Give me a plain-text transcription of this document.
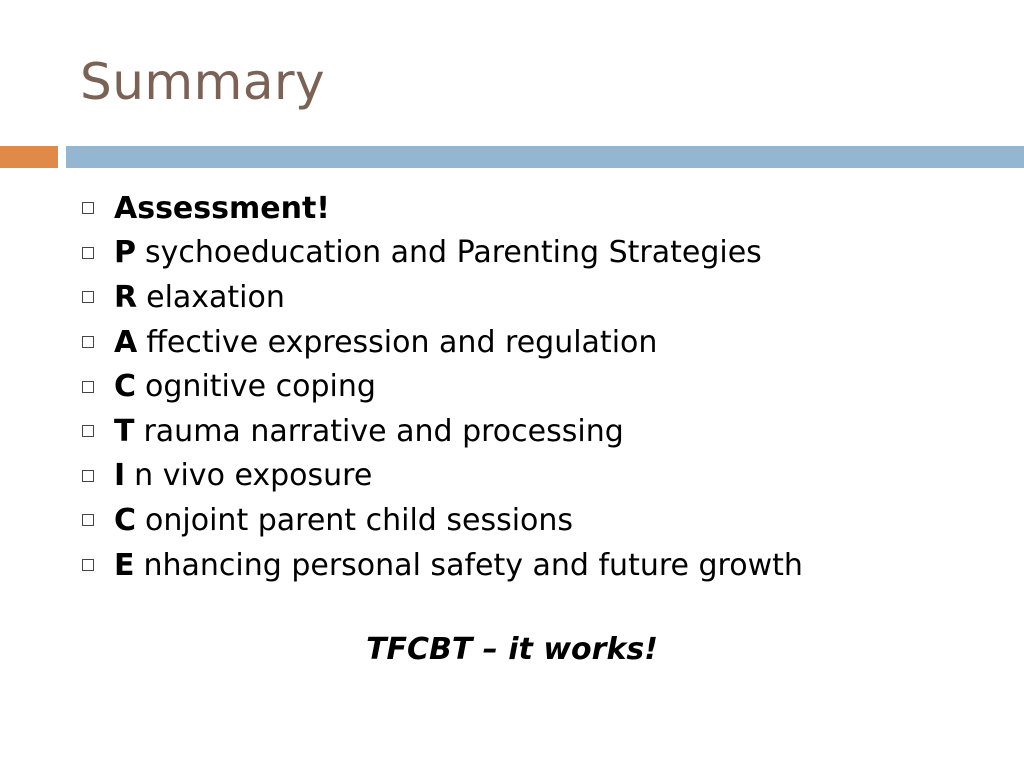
Summary
Assessment!
P sychoeducation and Parenting Strategies
R elaxation
A ffective expression and regulation
C ognitive coping
T rauma narrative and processing
I n vivo exposure
C onjoint parent child sessions
E nhancing personal safety and future growth
TFCBT – it works!
